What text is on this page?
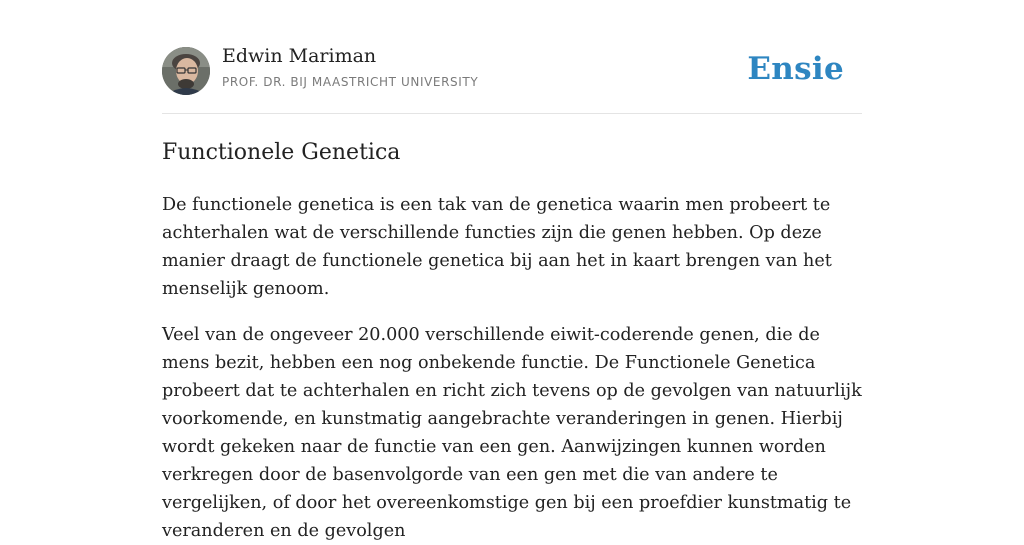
Edwin Mariman
PROF. DR. BIJ MAASTRICHT UNIVERSITY	Ensie
Functionele Genetica

De functionele genetica is een tak van de genetica waarin men probeert te achterhalen wat de verschillende functies zijn die genen hebben. Op deze manier draagt de functionele genetica bij aan het in kaart brengen van het menselijk genoom.

Veel van de ongeveer 20.000 verschillende eiwit-coderende genen, die de mens bezit, hebben een nog onbekende functie. De Functionele Genetica probeert dat te achterhalen en richt zich tevens op de gevolgen van natuurlijk voorkomende, en kunstmatig aangebrachte veranderingen in genen. Hierbij wordt gekeken naar de functie van een gen. Aanwijzingen kunnen worden verkregen door de basenvolgorde van een gen met die van andere te vergelijken, of door het overeenkomstige gen bij een proefdier kunstmatig te veranderen en de gevolgen
